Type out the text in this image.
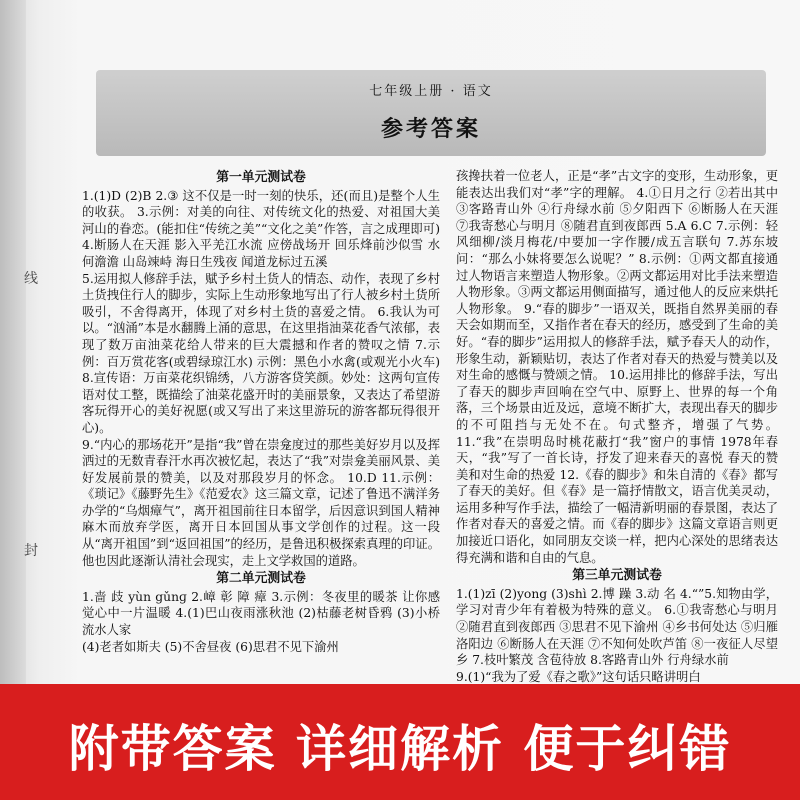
线
封
七年级上册 · 语文
参考答案
第一单元测试卷

1.(1)D (2)B 2.③ 这不仅是一时一刻的快乐，还(而且)是整个人生的收获。 3.示例：对美的向往、对传统文化的热爱、对祖国大美河山的眷恋。(能扣住“传统之美”“文化之美”作答，言之成理即可) 4.断肠人在天涯 影入平羌江水流 应傍战场开 回乐烽前沙似雪 水何澹澹 山岛竦峙 海日生残夜 闻道龙标过五溪

5.运用拟人修辞手法，赋予乡村土货人的情态、动作，表现了乡村土货拽住行人的脚步，实际上生动形象地写出了行人被乡村土货所吸引，不舍得离开，体现了对乡村土货的喜爱之情。 6.我认为可以。“汹涌”本是水翻腾上涌的意思，在这里指油菜花香气浓郁，表现了数万亩油菜花给人带来的巨大震撼和作者的赞叹之情 7.示例：百万赏花客(或碧绿琼江水) 示例：黑色小水禽(或观光小火车) 8.宣传语：万亩菜花织锦绣，八方游客贷笑颜。妙处：这两句宣传语对仗工整，既描绘了油菜花盛开时的美丽景象，又表达了希望游客玩得开心的美好祝愿(或又写出了来这里游玩的游客都玩得很开心)。

9.“内心的那场花开”是指“我”曾在崇龛度过的那些美好岁月以及挥洒过的无数青春汗水再次被忆起，表达了“我”对崇龛美丽风景、美好发展前景的赞美，以及对那段岁月的怀念。 10.D 11.示例：《琐记》《藤野先生》《范爱农》这三篇文章，记述了鲁迅不满洋务办学的“乌烟瘴气”，离开祖国前往日本留学，后因意识到国人精神麻木而放弃学医，离开日本回国从事文学创作的过程。这一段从“离开祖国”到“返回祖国”的经历，是鲁迅积极探索真理的印证。他也因此逐渐认清社会现实，走上文学救国的道路。

第二单元测试卷

1.啬 歧 yùn gǔnɡ 2.嶂 彰 障 瘴 3.示例：冬夜里的暖茶 让你感觉心中一片温暖 4.(1)巴山夜雨涨秋池 (2)枯藤老树昏鸦 (3)小桥流水人家

(4)老者如斯夫 (5)不舍昼夜 (6)思君不见下渝州

孩搀扶着一位老人，正是“孝”古文字的变形，生动形象，更能表达出我们对“孝”字的理解。 4.①日月之行 ②若出其中 ③客路青山外 ④行舟绿水前 ⑤夕阳西下 ⑥断肠人在天涯 ⑦我寄愁心与明月 ⑧随君直到夜郎西 5.A 6.C 7.示例：轻风细柳/淡月梅花/中要加一字作腰/成五言联句 7.苏东坡问：“那么小妹将要怎么说呢？” 8.示例：①两文都直接通过人物语言来塑造人物形象。②两文都运用对比手法来塑造人物形象。③两文都运用侧面描写，通过他人的反应来烘托人物形象。 9.“春的脚步”一语双关，既指自然界美丽的春天会如期而至，又指作者在春天的经历，感受到了生命的美好。“春的脚步”运用拟人的修辞手法，赋予春天人的动作，形象生动，新颖贴切，表达了作者对春天的热爱与赞美以及对生命的感慨与赞颂之情。 10.运用排比的修辞手法，写出了春天的脚步声回响在空气中、原野上、世界的每一个角落，三个场景由近及远，意境不断扩大，表现出春天的脚步的不可阻挡与无处不在。句式整齐，增强了气势。 11.“我”在崇明岛时桃花蔽打“我”窗户的事情 1978年春天，“我”写了一首长诗，抒发了迎来春天的喜悦 春天的赞美和对生命的热爱 12.《春的脚步》和朱自清的《春》都写了春天的美好。但《春》是一篇抒情散文，语言优美灵动，运用多种写作手法，描绘了一幅清新明丽的春景图，表达了作者对春天的喜爱之情。而《春的脚步》这篇文章语言则更加接近口语化，如同朋友交谈一样，把内心深处的思绪表达得充满和谐和自由的气息。

第三单元测试卷

1.(1)zī (2)yong (3)shì 2.博 躁 3.动 名 4.“”5.知物由学，学习对青少年有着极为特殊的意义。 6.①我寄愁心与明月 ②随君直到夜郎西 ③思君不见下渝州 ④乡书何处达 ⑤归雁洛阳边 ⑥断肠人在天涯 ⑦不知何处吹芦笛 ⑧一夜征人尽望乡 7.枝叶繁茂 含苞待放 8.客路青山外 行舟绿水前

9.(1)“我为了爱《春之歌》”这句话只略讲明白

附带答案 详细解析 便于纠错
